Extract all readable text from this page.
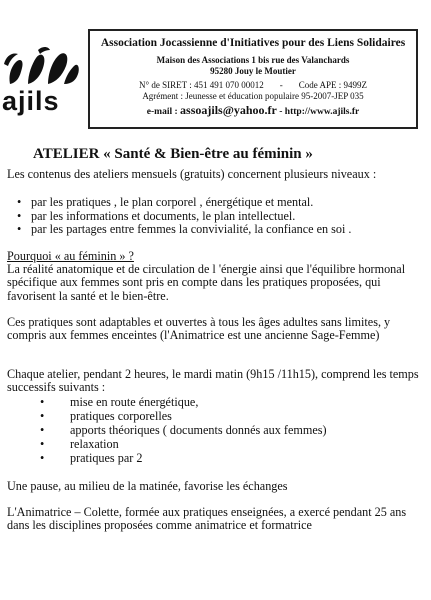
ajils
Association Jocassienne d'Initiatives pour des Liens Solidaires
Maison des Associations 1 bis rue des Valanchards
95280 Jouy le Moutier
N° de SIRET : 451 491 070 00012 - Code APE : 9499Z
Agrément : Jeunesse et éducation populaire 95-2007-JEP 035
e-mail : assoajils@yahoo.fr - http://www.ajils.fr
ATELIER « Santé & Bien-être au féminin »
Les contenus des ateliers mensuels (gratuits) concernent plusieurs niveaux :
• par les pratiques , le plan corporel , énergétique et mental.
• par les informations et documents, le plan intellectuel.
• par les partages entre femmes la convivialité, la confiance en soi .
Pourquoi « au féminin » ?
La réalité anatomique et de circulation de l 'énergie ainsi que l'équilibre hormonal spécifique aux femmes sont pris en compte dans les pratiques proposées, qui favorisent la santé et le bien-être.
Ces pratiques sont adaptables et ouvertes à tous les âges adultes sans limites, y compris aux femmes enceintes (l'Animatrice est une ancienne Sage-Femme)
Chaque atelier, pendant 2 heures, le mardi matin (9h15 /11h15), comprend les temps successifs suivants :
• mise en route énergétique,
• pratiques corporelles
• apports théoriques ( documents donnés aux femmes)
• relaxation
• pratiques par 2
Une pause, au milieu de la matinée, favorise les échanges
L'Animatrice – Colette, formée aux pratiques enseignées, a exercé pendant 25 ans dans les disciplines proposées comme animatrice et formatrice
